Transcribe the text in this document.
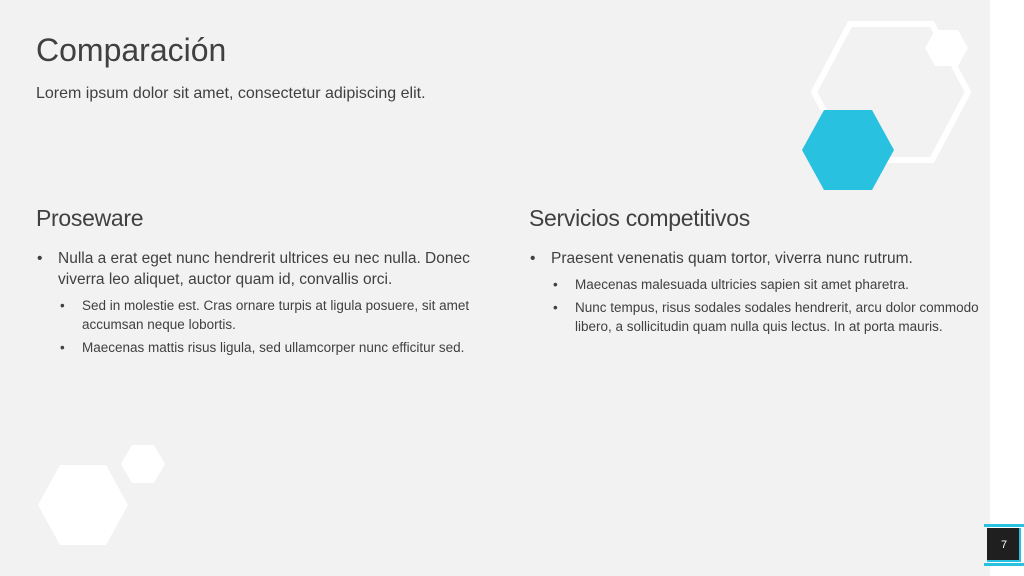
Comparación
Lorem ipsum dolor sit amet, consectetur adipiscing elit.
Proseware
• Nulla a erat eget nunc hendrerit ultrices eu nec nulla. Donec viverra leo aliquet, auctor quam id, convallis orci.
• Sed in molestie est. Cras ornare turpis at ligula posuere, sit amet accumsan neque lobortis.
• Maecenas mattis risus ligula, sed ullamcorper nunc efficitur sed.
Servicios competitivos
• Praesent venenatis quam tortor, viverra nunc rutrum.
• Maecenas malesuada ultricies sapien sit amet pharetra.
• Nunc tempus, risus sodales sodales hendrerit, arcu dolor commodo libero, a sollicitudin quam nulla quis lectus. In at porta mauris.
7
